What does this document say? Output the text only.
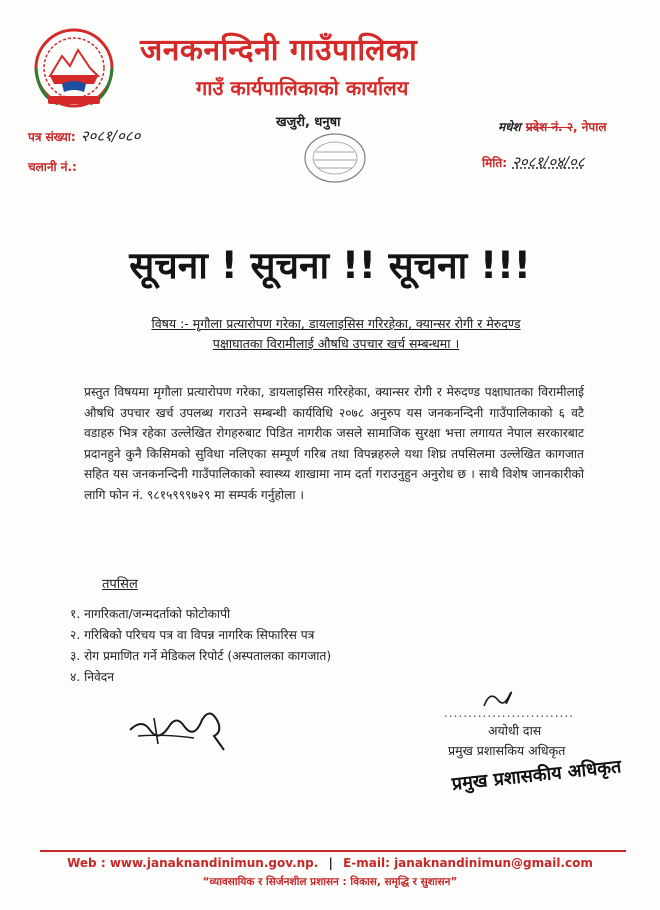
जनकनन्दिनी गाउँपालिका
गाउँ कार्यपालिकाको कार्यालय
पत्र संख्या: २०८१/०८०
चलानी नं.:
खजुरी, धनुषा	मधेश प्रदेश नं. २, नेपाल
मिति: २०८१/०४/०८
सूचना ! सूचना !! सूचना !!!
विषय :- मृगौला प्रत्यारोपण गरेका, डायलाइसिस गरिरहेका, क्यान्सर रोगी र मेरुदण्ड
पक्षाघातका विरामीलाई औषधि उपचार खर्च सम्बन्धमा ।
प्रस्तुत विषयमा मृगौला प्रत्यारोपण गरेका, डायलाइसिस गरिरहेका, क्यान्सर रोगी र मेरुदण्ड पक्षाघातका विरामीलाई औषधि उपचार खर्च उपलब्ध गराउने सम्बन्धी कार्यविधि २०७८ अनुरुप यस जनकनन्दिनी गाउँपालिकाको ६ वटै वडाहरु भित्र रहेका उल्लेखित रोगहरुबाट पिडित नागरीक जसले सामाजिक सुरक्षा भत्ता लगायत नेपाल सरकारबाट प्रदानहुने कुनै किसिमको सुविधा नलिएका सम्पूर्ण गरिब तथा विपन्नहरुले यथा शिघ्र तपसिलमा उल्लेखित कागजात सहित यस जनकनन्दिनी गाउँपालिकाको स्वास्थ्य शाखामा नाम दर्ता गराउनुहुन अनुरोध छ । साथै विशेष जानकारीको लागि फोन नं. ९८१५९९९७२९ मा सम्पर्क गर्नुहोला ।
तपसिल
१. नागरिकता/जन्मदर्ताको फोटोकापी
२. गरिबिको परिचय पत्र वा विपन्न नागरिक सिफारिस पत्र
३. रोग प्रमाणित गर्ने मेडिकल रिपोर्ट (अस्पतालका कागजात)
४. निवेदन
...........................
अयोधी दास
प्रमुख प्रशासकिय अधिकृत
प्रमुख प्रशासकीय अधिकृत
Web : www.janaknandinimun.gov.np. | E-mail: janaknandinimun@gmail.com
“व्यावसायिक र सिर्जनशील प्रशासन : विकास, समृद्धि र सुशासन”
